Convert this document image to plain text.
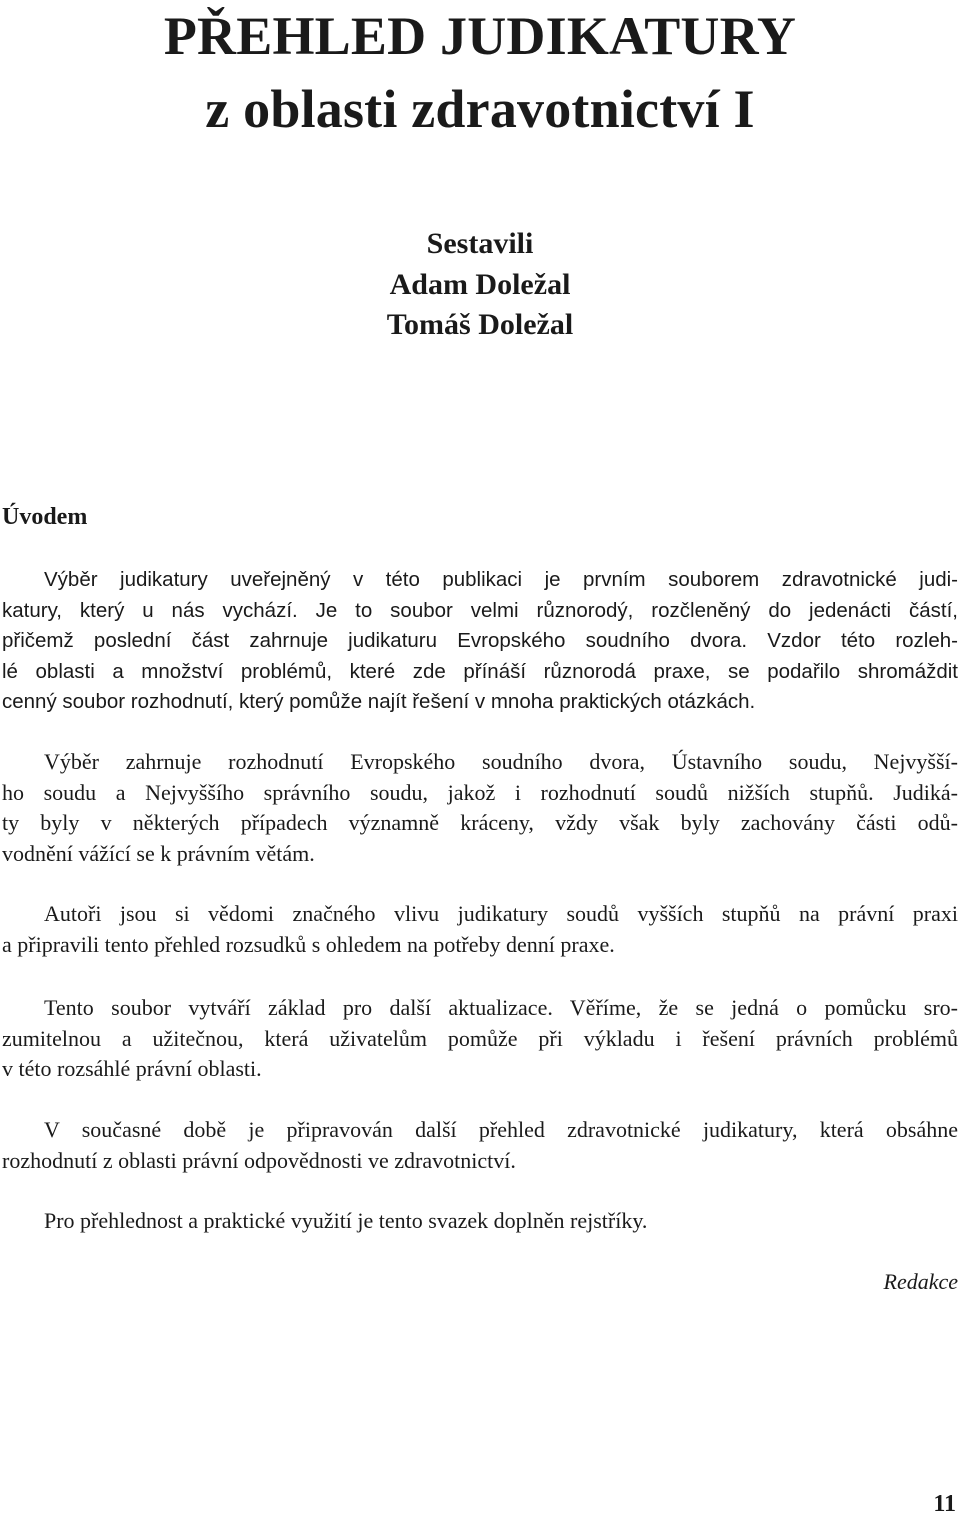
PŘEHLED JUDIKATURY
z oblasti zdravotnictví I
Sestavili
Adam Doležal
Tomáš Doležal
Úvodem
Výběr judikatury uveřejněný v této publikaci je prvním souborem zdravotnické judi-
katury, který u nás vychází. Je to soubor velmi různorodý, rozčleněný do jedenácti částí,
přičemž poslední část zahrnuje judikaturu Evropského soudního dvora. Vzdor této rozleh-
lé oblasti a množství problémů, které zde přínáší různorodá praxe, se podařilo shromáždit
cenný soubor rozhodnutí, který pomůže najít řešení v mnoha praktických otázkách.
Výběr zahrnuje rozhodnutí Evropského soudního dvora, Ústavního soudu, Nejvyšší-
ho soudu a Nejvyššího správního soudu, jakož i rozhodnutí soudů nižších stupňů. Judiká-
ty byly v některých případech významně kráceny, vždy však byly zachovány části odů-
vodnění vážící se k právním větám.
Autoři jsou si vědomi značného vlivu judikatury soudů vyšších stupňů na právní praxi
a připravili tento přehled rozsudků s ohledem na potřeby denní praxe.
Tento soubor vytváří základ pro další aktualizace. Věříme, že se jedná o pomůcku sro-
zumitelnou a užitečnou, která uživatelům pomůže při výkladu i řešení právních problémů
v této rozsáhlé právní oblasti.
V současné době je připravován další přehled zdravotnické judikatury, která obsáhne
rozhodnutí z oblasti právní odpovědnosti ve zdravotnictví.
Pro přehlednost a praktické využití je tento svazek doplněn rejstříky.
Redakce
11
